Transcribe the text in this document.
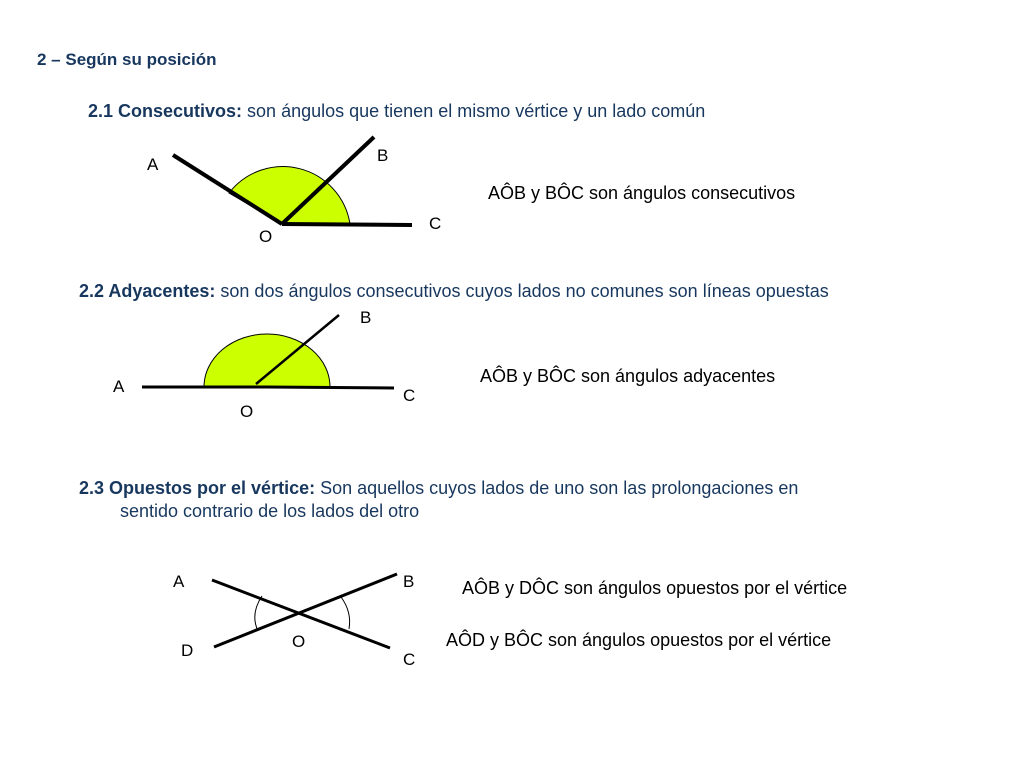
2 – Según su posición
2.1 Consecutivos: son ángulos que tienen el mismo vértice y un lado común
2.2 Adyacentes: son dos ángulos consecutivos cuyos lados no comunes son líneas opuestas
2.3 Opuestos por el vértice: Son aquellos cuyos lados de uno son las prolongaciones en
sentido contrario de los lados del otro
AÔB y BÔC son ángulos consecutivos
AÔB y BÔC son ángulos adyacentes
AÔB y DÔC son ángulos opuestos por el vértice
AÔD y BÔC son ángulos opuestos por el vértice
A	B
C
O
A
B
C
O
A	B
C
D	O
